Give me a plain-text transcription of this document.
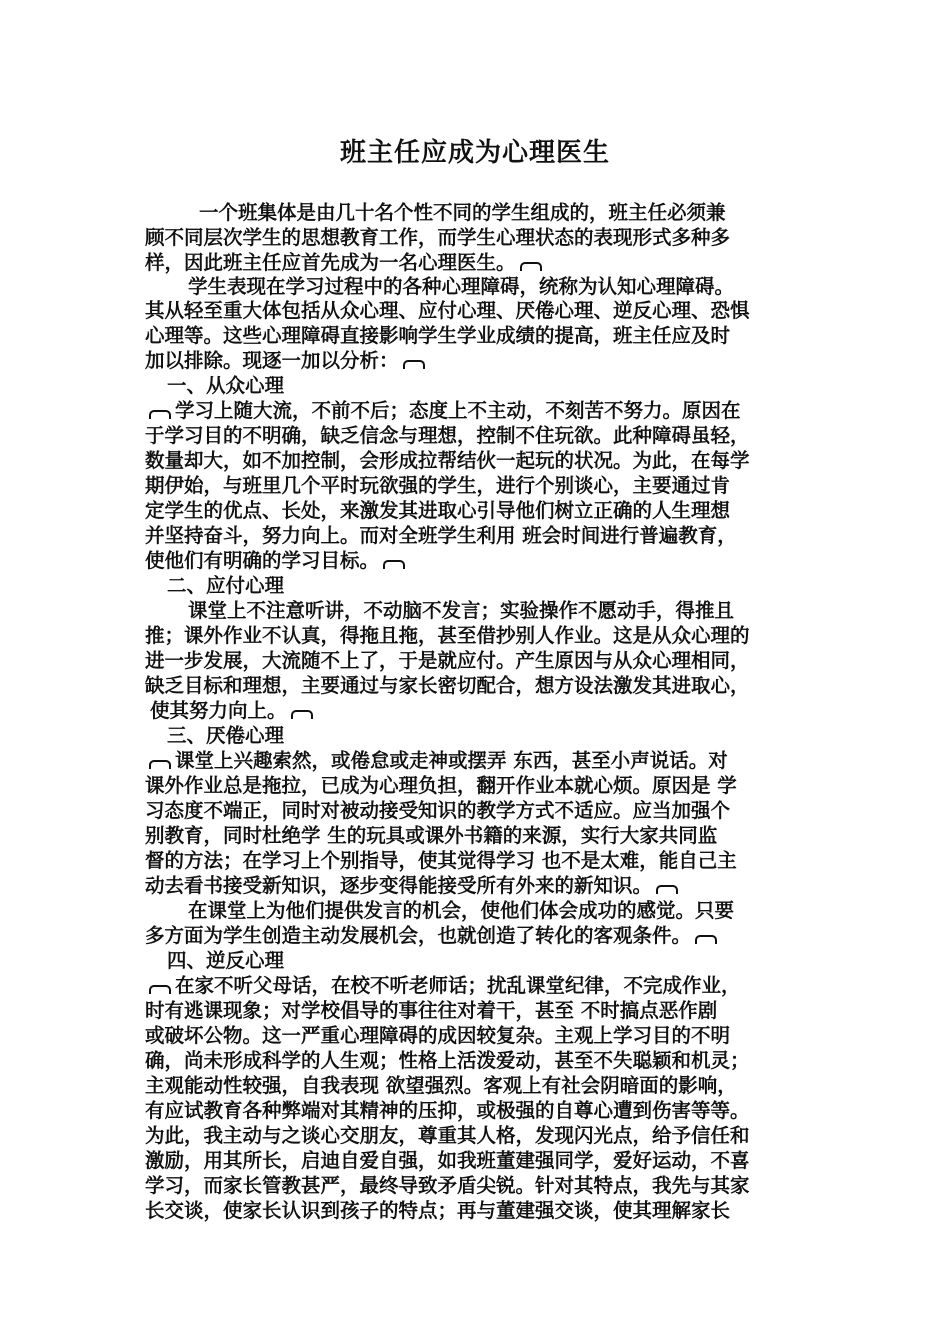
班主任应成为心理医生
一个班集体是由几十名个性不同的学生组成的，班主任必须兼
顾不同层次学生的思想教育工作，而学生心理状态的表现形式多种多
样，因此班主任应首先成为一名心理医生。
学生表现在学习过程中的各种心理障碍，统称为认知心理障碍。
其从轻至重大体包括从众心理、应付心理、厌倦心理、逆反心理、恐惧
心理等。这些心理障碍直接影响学生学业成绩的提高，班主任应及时
加以排除。现逐一加以分析：
一、从众心理
学习上随大流，不前不后；态度上不主动，不刻苦不努力。原因在
于学习目的不明确，缺乏信念与理想，控制不住玩欲。此种障碍虽轻，
数量却大，如不加控制，会形成拉帮结伙一起玩的状况。为此，在每学
期伊始，与班里几个平时玩欲强的学生，进行个别谈心，主要通过肯
定学生的优点、长处，来激发其进取心引导他们树立正确的人生理想
并坚持奋斗，努力向上。而对全班学生利用 班会时间进行普遍教育，
使他们有明确的学习目标。
二、应付心理
课堂上不注意听讲，不动脑不发言；实验操作不愿动手，得推且
推；课外作业不认真，得拖且拖，甚至借抄别人作业。这是从众心理的
进一步发展，大流随不上了，于是就应付。产生原因与从众心理相同，
缺乏目标和理想，主要通过与家长密切配合，想方设法激发其进取心，
使其努力向上。
三、厌倦心理
课堂上兴趣索然，或倦怠或走神或摆弄 东西，甚至小声说话。对
课外作业总是拖拉，已成为心理负担，翻开作业本就心烦。原因是 学
习态度不端正，同时对被动接受知识的教学方式不适应。应当加强个
别教育，同时杜绝学 生的玩具或课外书籍的来源，实行大家共同监
督的方法；在学习上个别指导，使其觉得学习 也不是太难，能自己主
动去看书接受新知识，逐步变得能接受所有外来的新知识。
在课堂上为他们提供发言的机会，使他们体会成功的感觉。只要
多方面为学生创造主动发展机会，也就创造了转化的客观条件。
四、逆反心理
在家不听父母话，在校不听老师话；扰乱课堂纪律，不完成作业，
时有逃课现象；对学校倡导的事往往对着干，甚至 不时搞点恶作剧
或破坏公物。这一严重心理障碍的成因较复杂。主观上学习目的不明
确，尚未形成科学的人生观；性格上活泼爱动，甚至不失聪颖和机灵；
主观能动性较强，自我表现 欲望强烈。客观上有社会阴暗面的影响，
有应试教育各种弊端对其精神的压抑，或极强的自尊心遭到伤害等等。
为此，我主动与之谈心交朋友，尊重其人格，发现闪光点，给予信任和
激励，用其所长，启迪自爱自强，如我班董建强同学，爱好运动，不喜
学习，而家长管教甚严，最终导致矛盾尖锐。针对其特点，我先与其家
长交谈，使家长认识到孩子的特点；再与董建强交谈，使其理解家长
